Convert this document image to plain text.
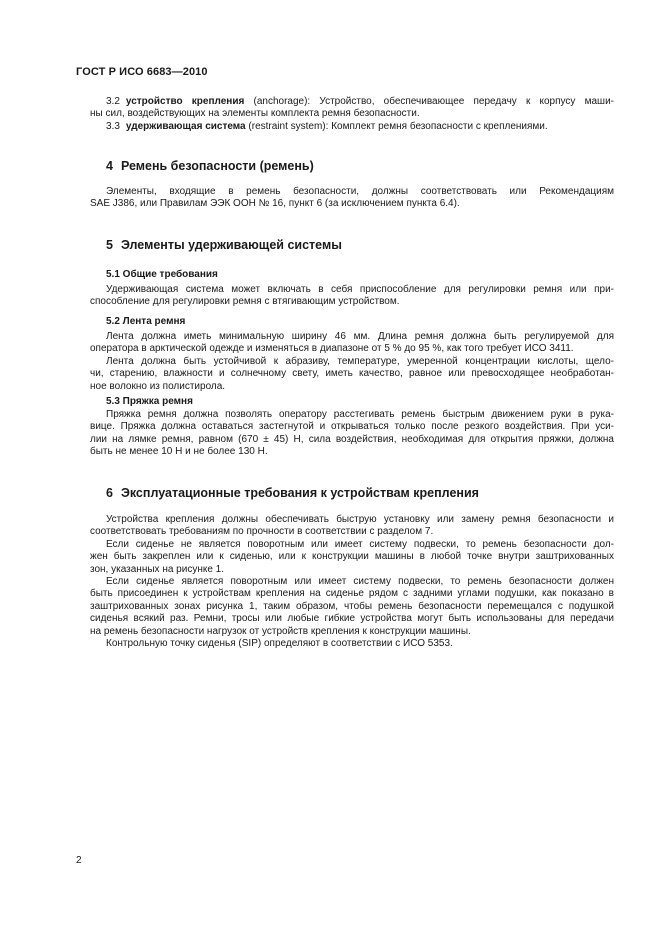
ГОСТ Р ИСО 6683—2010

3.2 устройство крепления (anchorage): Устройство, обеспечивающее передачу к корпусу маши-

ны сил, воздействующих на элементы комплекта ремня безопасности.

3.3 удерживающая система (restraint system): Комплект ремня безопасности с креплениями.

4 Ремень безопасности (ремень)
Элементы, входящие в ремень безопасности, должны соответствовать или Рекомендациям
SAE J386, или Правилам ЭЭК ООН № 16, пункт 6 (за исключением пункта 6.4).
5 Элементы удерживающей системы
5.1 Общие требования
Удерживающая система может включать в себя приспособление для регулировки ремня или при-
способление для регулировки ремня с втягивающим устройством.
5.2 Лента ремня
Лента должна иметь минимальную ширину 46 мм. Длина ремня должна быть регулируемой для
оператора в арктической одежде и изменяться в диапазоне от 5 % до 95 %, как того требует ИСО 3411.
Лента должна быть устойчивой к абразиву, температуре, умеренной концентрации кислоты, щело-
чи, старению, влажности и солнечному свету, иметь качество, равное или превосходящее необработан-
ное волокно из полистирола.
5.3 Пряжка ремня
Пряжка ремня должна позволять оператору расстегивать ремень быстрым движением руки в рука-
вице. Пряжка должна оставаться застегнутой и открываться только после резкого воздействия. При уси-
лии на лямке ремня, равном (670 ± 45) Н, сила воздействия, необходимая для открытия пряжки, должна
быть не менее 10 Н и не более 130 Н.
6 Эксплуатационные требования к устройствам крепления
Устройства крепления должны обеспечивать быструю установку или замену ремня безопасности и
соответствовать требованиям по прочности в соответствии с разделом 7.
Если сиденье не является поворотным или имеет систему подвески, то ремень безопасности дол-
жен быть закреплен или к сиденью, или к конструкции машины в любой точке внутри заштрихованных
зон, указанных на рисунке 1.
Если сиденье является поворотным или имеет систему подвески, то ремень безопасности должен
быть присоединен к устройствам крепления на сиденье рядом с задними углами подушки, как показано в
заштрихованных зонах рисунка 1, таким образом, чтобы ремень безопасности перемещался с подушкой
сиденья всякий раз. Ремни, тросы или любые гибкие устройства могут быть использованы для передачи
на ремень безопасности нагрузок от устройств крепления к конструкции машины.
Контрольную точку сиденья (SIP) определяют в соответствии с ИСО 5353.
2
